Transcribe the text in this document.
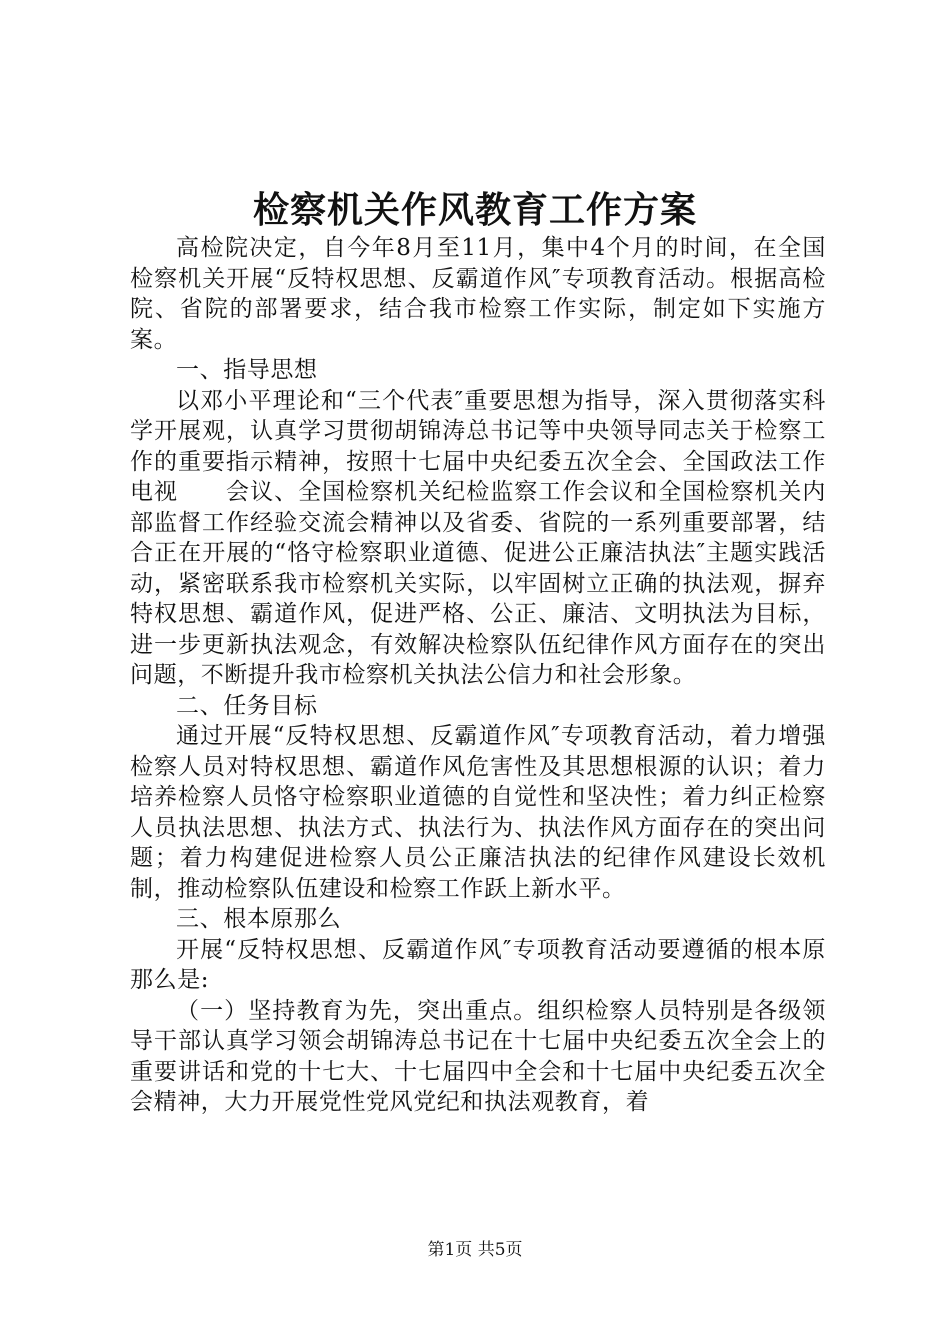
检察机关作风教育工作方案

高检院决定，自今年8月至11月，集中4个月的时间，在全国检察机关开展“反特权思想、反霸道作风″专项教育活动。根据高检院、省院的部署要求，结合我市检察工作实际，制定如下实施方案。

一、指导思想

以邓小平理论和“三个代表″重要思想为指导，深入贯彻落实科学开展观，认真学习贯彻胡锦涛总书记等中央领导同志关于检察工作的重要指示精神，按照十七届中央纪委五次全会、全国政法工作电视　　会议、全国检察机关纪检监察工作会议和全国检察机关内部监督工作经验交流会精神以及省委、省院的一系列重要部署，结合正在开展的“恪守检察职业道德、促进公正廉洁执法″主题实践活动，紧密联系我市检察机关实际，以牢固树立正确的执法观，摒弃特权思想、霸道作风，促进严格、公正、廉洁、文明执法为目标，进一步更新执法观念，有效解决检察队伍纪律作风方面存在的突出问题，不断提升我市检察机关执法公信力和社会形象。

二、任务目标

通过开展“反特权思想、反霸道作风″专项教育活动，着力增强检察人员对特权思想、霸道作风危害性及其思想根源的认识；着力培养检察人员恪守检察职业道德的自觉性和坚决性；着力纠正检察人员执法思想、执法方式、执法行为、执法作风方面存在的突出问题；着力构建促进检察人员公正廉洁执法的纪律作风建设长效机制，推动检察队伍建设和检察工作跃上新水平。

三、根本原那么

开展“反特权思想、反霸道作风″专项教育活动要遵循的根本原那么是:

（一）坚持教育为先，突出重点。组织检察人员特别是各级领导干部认真学习领会胡锦涛总书记在十七届中央纪委五次全会上的重要讲话和党的十七大、十七届四中全会和十七届中央纪委五次全会精神，大力开展党性党风党纪和执法观教育，着

第1页 共5页
